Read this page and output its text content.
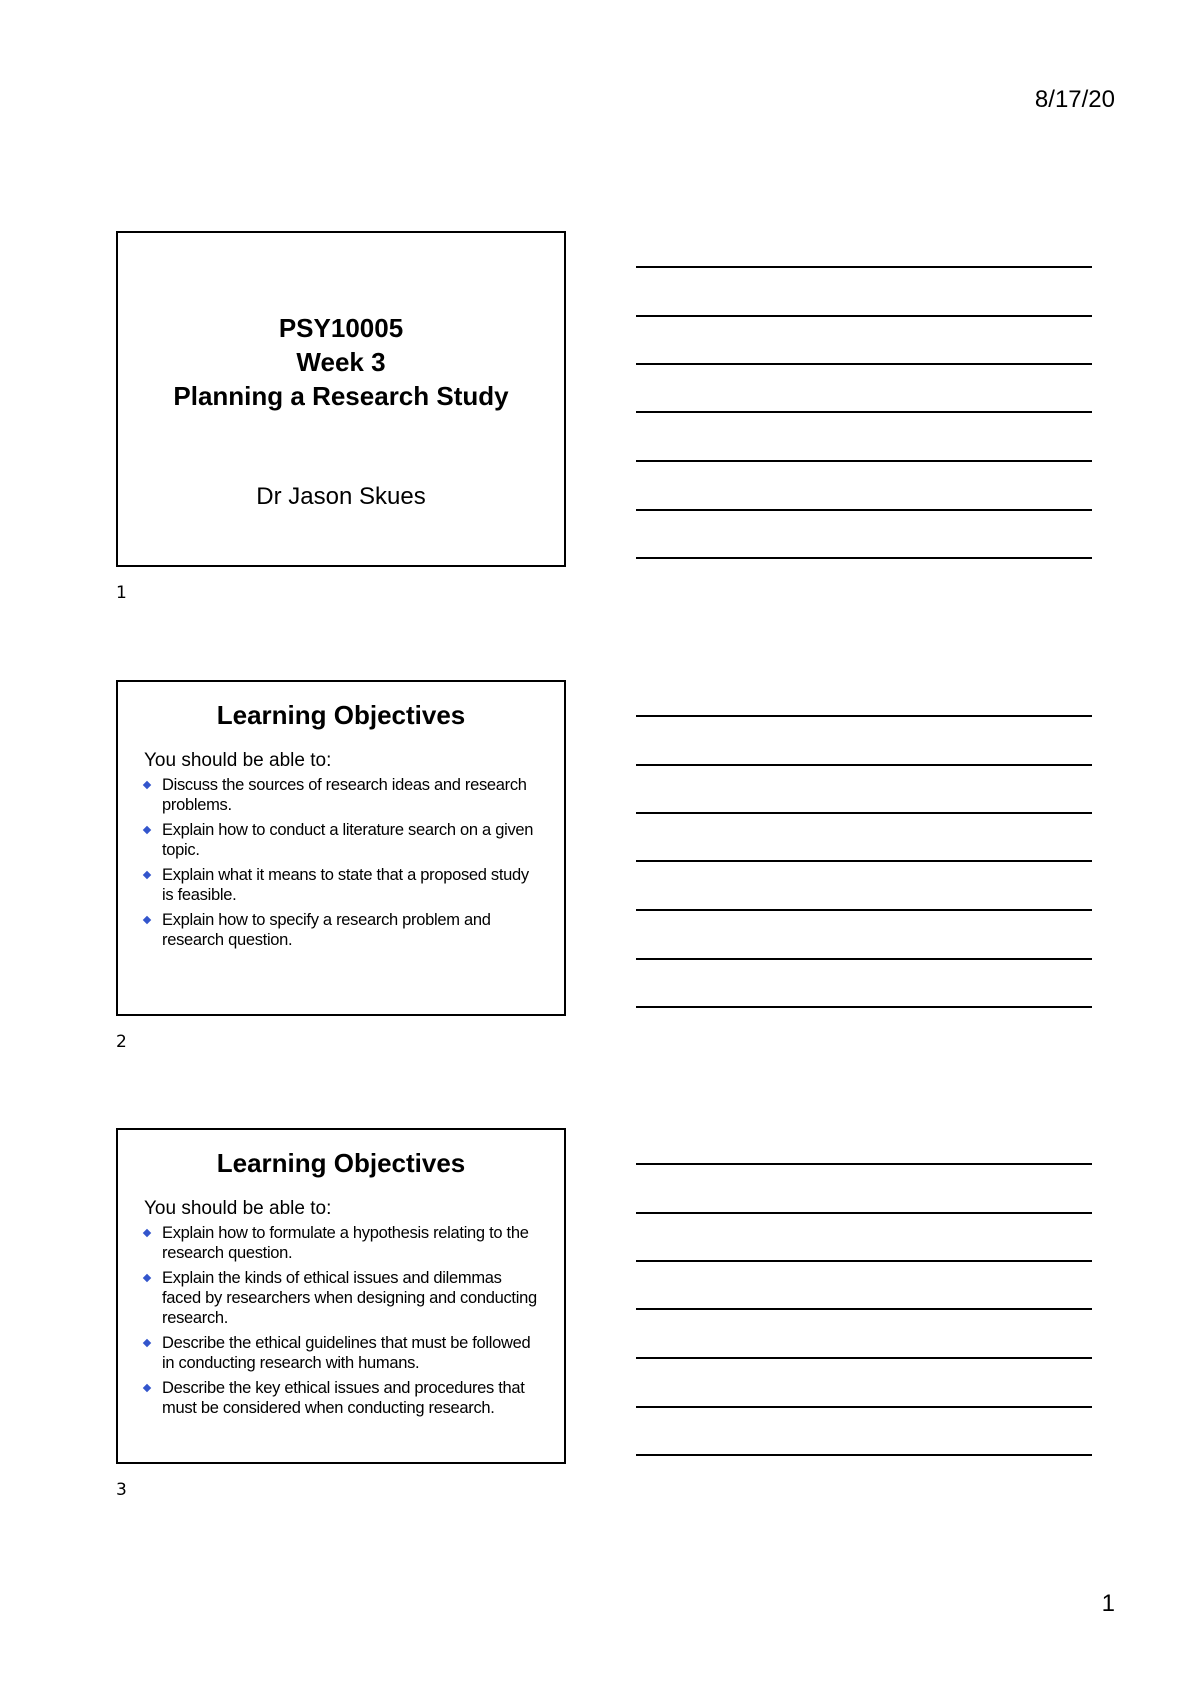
8/17/20
PSY10005
Week 3
Planning a Research Study
Dr Jason Skues
1
Learning Objectives
You should be able to:
Discuss the sources of research ideas and research problems.
Explain how to conduct a literature search on a given topic.
Explain what it means to state that a proposed study is feasible.
Explain how to specify a research problem and research question.
2
Learning Objectives
You should be able to:
Explain how to formulate a hypothesis relating to the research question.
Explain the kinds of ethical issues and dilemmas faced by researchers when designing and conducting research.
Describe the ethical guidelines that must be followed in conducting research with humans.
Describe the key ethical issues and procedures that must be considered when conducting research.
3
1
